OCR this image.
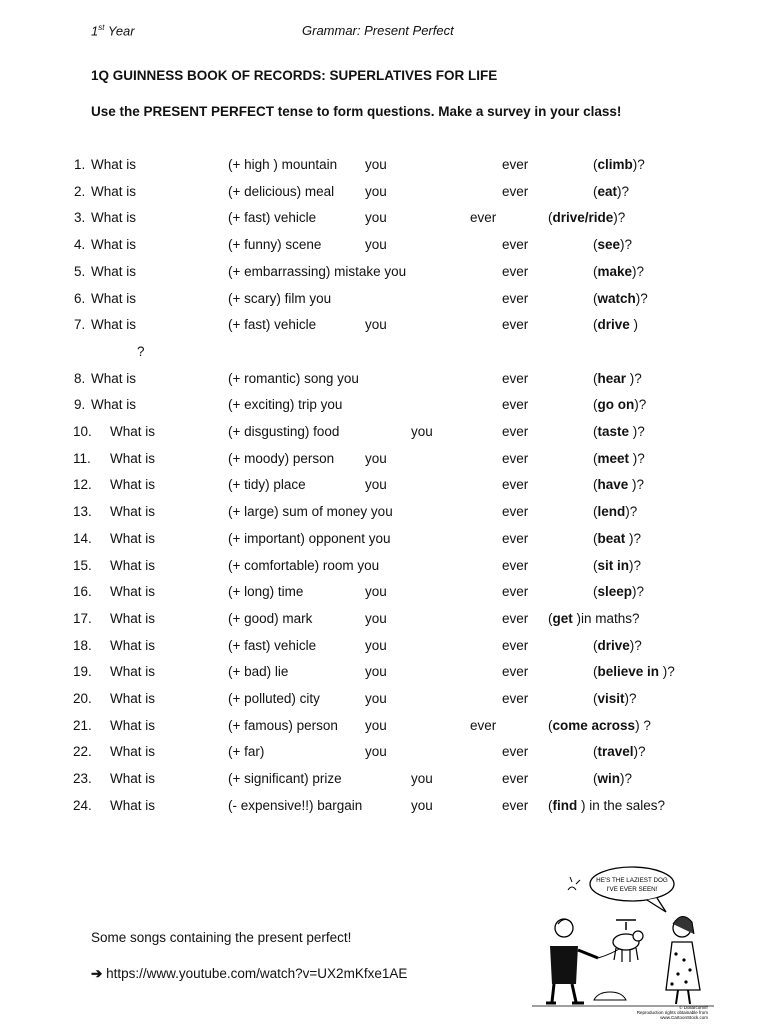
1st Year	Grammar: Present Perfect
1Q GUINNESS BOOK OF RECORDS: SUPERLATIVES FOR LIFE
Use the PRESENT PERFECT tense to form questions. Make a survey in your class!
1. What is	(+ high ) mountain you	ever	(climb)?
2. What is	(+ delicious) meal you	ever	(eat)?
3. What is	(+ fast) vehicle	you	ever	(drive/ride)?
4. What is	(+ funny) scene	you	ever	(see)?
5. What is	(+ embarrassing) mistake you	ever	(make)?
6. What is	(+ scary) film you	ever	(watch)?
7. What is	(+ fast) vehicle	you	ever	(drive )
?
8. What is	(+ romantic) song you	ever	(hear )?
9. What is	(+ exciting) trip you	ever	(go on)?
10. What is	(+ disgusting) food	you	ever	(taste )?
11. What is	(+ moody) person you	ever	(meet )?
12. What is	(+ tidy) place	you	ever	(have )?
13. What is	(+ large) sum of money you	ever	(lend)?
14. What is	(+ important) opponent you	ever	(beat )?
15. What is	(+ comfortable) room you	ever	(sit in)?
16. What is	(+ long) time	you	ever	(sleep)?
17. What is	(+ good) mark	you	ever (get )in maths?
18. What is	(+ fast) vehicle	you	ever	(drive)?
19. What is	(+ bad) lie	you	ever	(believe in )?
20. What is	(+ polluted) city	you	ever	(visit)?
21. What is	(+ famous) person you	ever	(come across) ?
22. What is	(+ far)	you	ever	(travel)?
23. What is	(+ significant) prize	you	ever	(win)?
24. What is	(- expensive!!) bargain	you	ever (find ) in the sales?
Some songs containing the present perfect!
➔ https://www.youtube.com/watch?v=UX2mKfxe1AE
HE'S THE LAZIEST DOG
I'VE EVER SEEN!
© Dollarcom/fr
Reproduction rights obtainable from
www.CartoonStock.com
